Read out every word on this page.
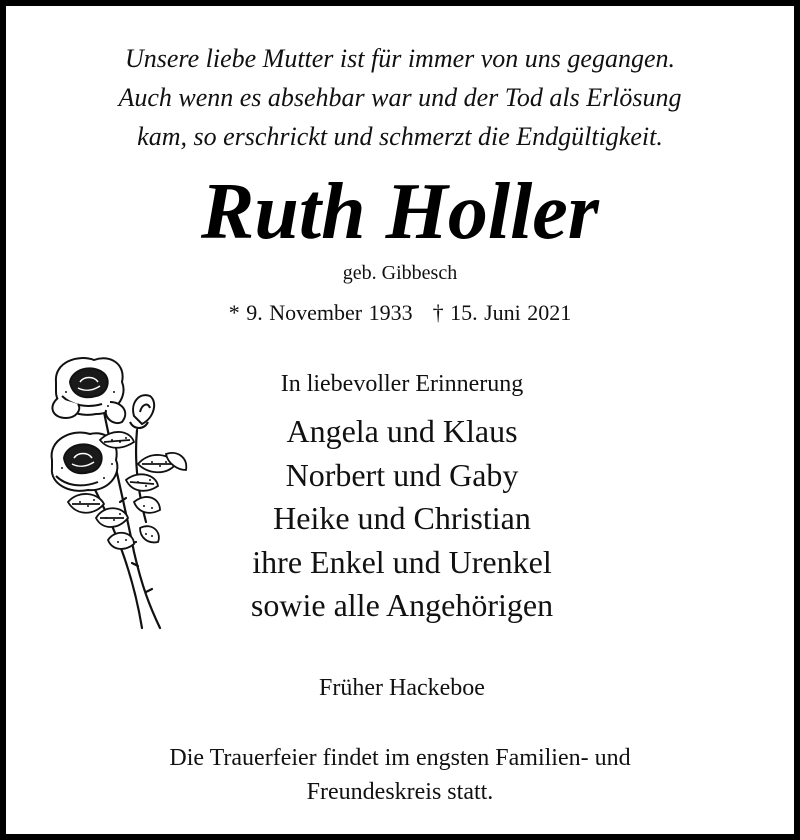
Unsere liebe Mutter ist für immer von uns gegangen.
Auch wenn es absehbar war und der Tod als Erlösung
kam, so erschrickt und schmerzt die Endgültigkeit.
Ruth Holler
geb. Gibbesch
* 9. November 1933 † 15. Juni 2021
In liebevoller Erinnerung
Angela und Klaus
Norbert und Gaby
Heike und Christian
ihre Enkel und Urenkel
sowie alle Angehörigen
Früher Hackeboe
Die Trauerfeier findet im engsten Familien- und
Freundeskreis statt.
